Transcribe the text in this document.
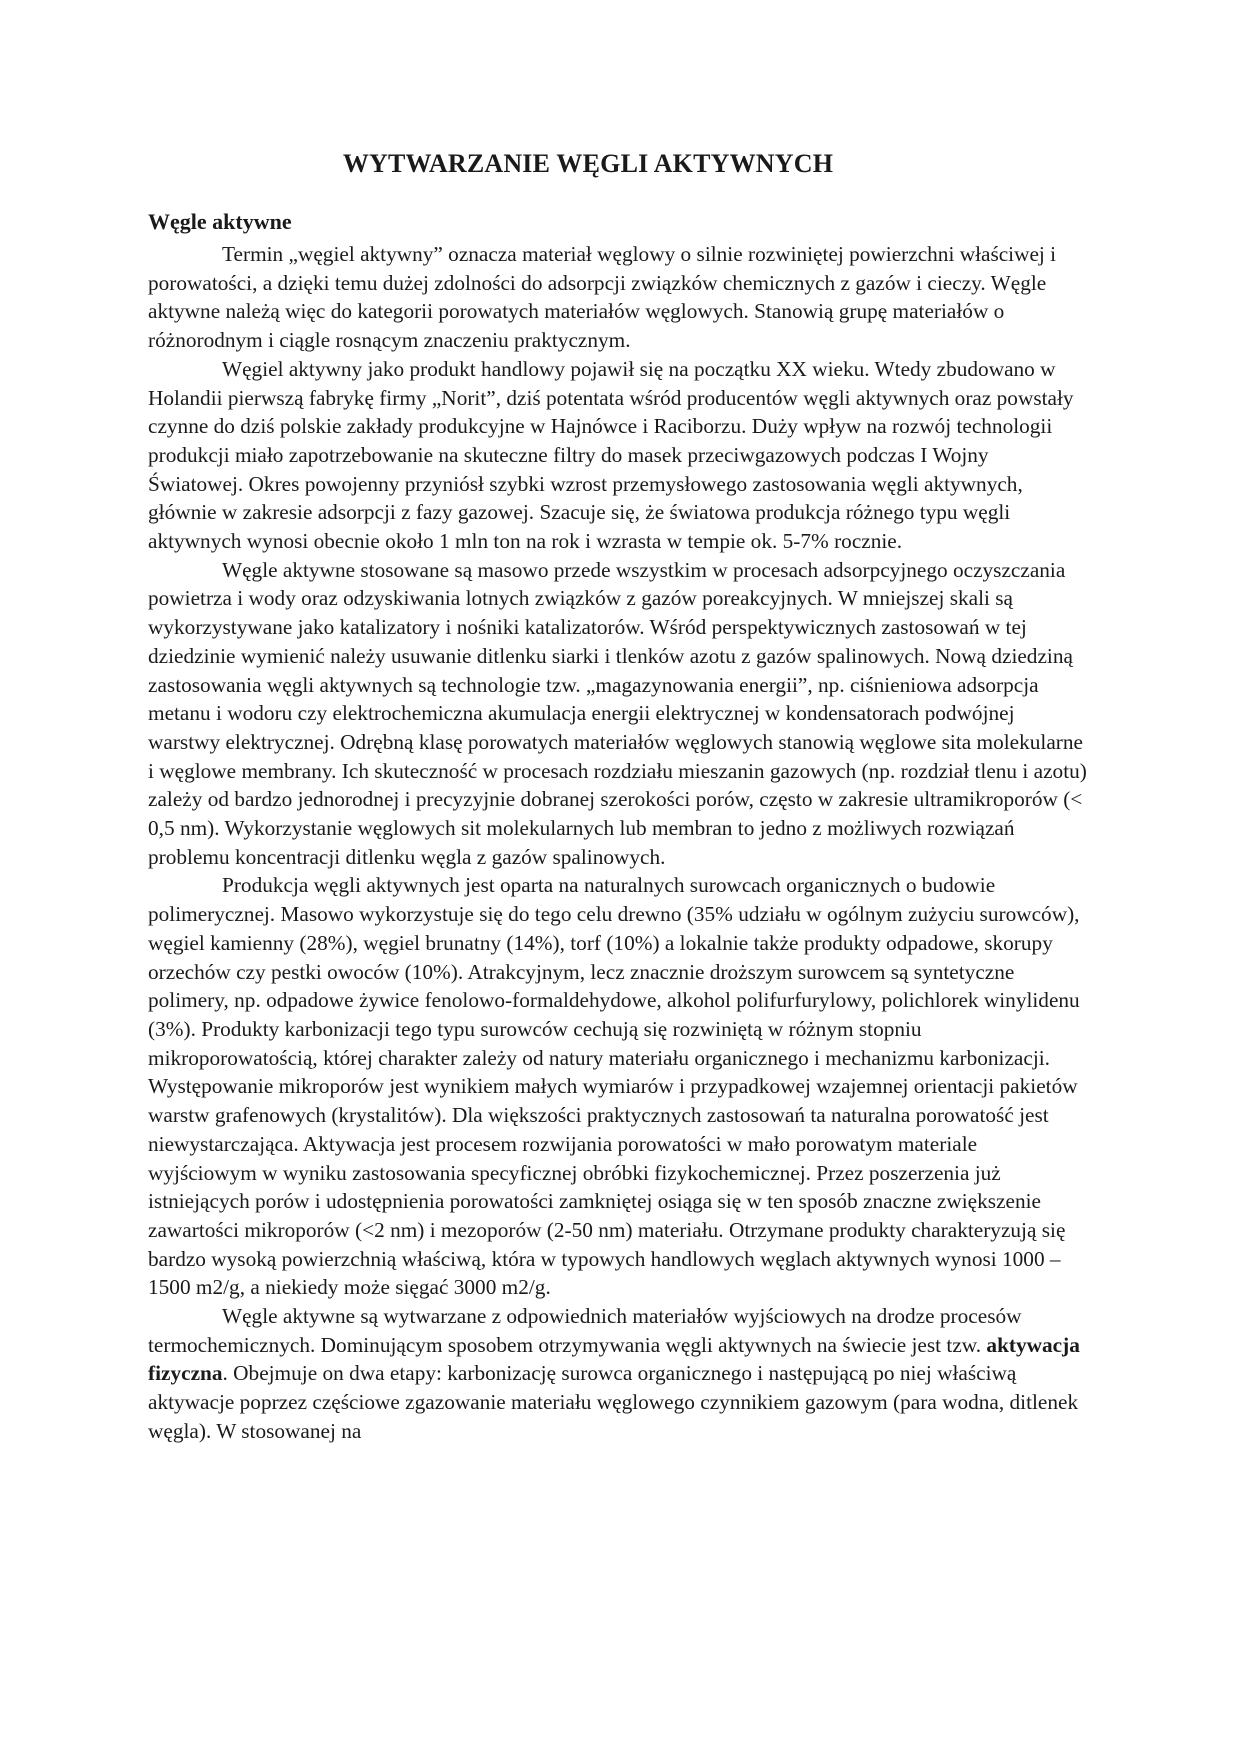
WYTWARZANIE WĘGLI AKTYWNYCH
Węgle aktywne

Termin „węgiel aktywny” oznacza materiał węglowy o silnie rozwiniętej powierzchni właściwej i porowatości, a dzięki temu dużej zdolności do adsorpcji związków chemicznych z gazów i cieczy. Węgle aktywne należą więc do kategorii porowatych materiałów węglowych. Stanowią grupę materiałów o różnorodnym i ciągle rosnącym znaczeniu praktycznym.

Węgiel aktywny jako produkt handlowy pojawił się na początku XX wieku. Wtedy zbudowano w Holandii pierwszą fabrykę firmy „Norit”, dziś potentata wśród producentów węgli aktywnych oraz powstały czynne do dziś polskie zakłady produkcyjne w Hajnówce i Raciborzu. Duży wpływ na rozwój technologii produkcji miało zapotrzebowanie na skuteczne filtry do masek przeciwgazowych podczas I Wojny Światowej. Okres powojenny przyniósł szybki wzrost przemysłowego zastosowania węgli aktywnych, głównie w zakresie adsorpcji z fazy gazowej. Szacuje się, że światowa produkcja różnego typu węgli aktywnych wynosi obecnie około 1 mln ton na rok i wzrasta w tempie ok. 5-7% rocznie.

Węgle aktywne stosowane są masowo przede wszystkim w procesach adsorpcyjnego oczyszczania powietrza i wody oraz odzyskiwania lotnych związków z gazów poreakcyjnych. W mniejszej skali są wykorzystywane jako katalizatory i nośniki katalizatorów. Wśród perspektywicznych zastosowań w tej dziedzinie wymienić należy usuwanie ditlenku siarki i tlenków azotu z gazów spalinowych. Nową dziedziną zastosowania węgli aktywnych są technologie tzw. „magazynowania energii”, np. ciśnieniowa adsorpcja metanu i wodoru czy elektrochemiczna akumulacja energii elektrycznej w kondensatorach podwójnej warstwy elektrycznej. Odrębną klasę porowatych materiałów węglowych stanowią węglowe sita molekularne i węglowe membrany. Ich skuteczność w procesach rozdziału mieszanin gazowych (np. rozdział tlenu i azotu) zależy od bardzo jednorodnej i precyzyjnie dobranej szerokości porów, często w zakresie ultramikroporów (< 0,5 nm). Wykorzystanie węglowych sit molekularnych lub membran to jedno z możliwych rozwiązań problemu koncentracji ditlenku węgla z gazów spalinowych.

Produkcja węgli aktywnych jest oparta na naturalnych surowcach organicznych o budowie polimerycznej. Masowo wykorzystuje się do tego celu drewno (35% udziału w ogólnym zużyciu surowców), węgiel kamienny (28%), węgiel brunatny (14%), torf (10%) a lokalnie także produkty odpadowe, skorupy orzechów czy pestki owoców (10%). Atrakcyjnym, lecz znacznie droższym surowcem są syntetyczne polimery, np. odpadowe żywice fenolowo-formaldehydowe, alkohol polifurfurylowy, polichlorek winylidenu (3%). Produkty karbonizacji tego typu surowców cechują się rozwiniętą w różnym stopniu mikroporowatością, której charakter zależy od natury materiału organicznego i mechanizmu karbonizacji. Występowanie mikroporów jest wynikiem małych wymiarów i przypadkowej wzajemnej orientacji pakietów warstw grafenowych (krystalitów). Dla większości praktycznych zastosowań ta naturalna porowatość jest niewystarczająca. Aktywacja jest procesem rozwijania porowatości w mało porowatym materiale wyjściowym w wyniku zastosowania specyficznej obróbki fizykochemicznej. Przez poszerzenia już istniejących porów i udostępnienia porowatości zamkniętej osiąga się w ten sposób znaczne zwiększenie zawartości mikroporów (<2 nm) i mezoporów (2-50 nm) materiału. Otrzymane produkty charakteryzują się bardzo wysoką powierzchnią właściwą, która w typowych handlowych węglach aktywnych wynosi 1000 –1500 m2/g, a niekiedy może sięgać 3000 m2/g.

Węgle aktywne są wytwarzane z odpowiednich materiałów wyjściowych na drodze procesów termochemicznych. Dominującym sposobem otrzymywania węgli aktywnych na świecie jest tzw. aktywacja fizyczna. Obejmuje on dwa etapy: karbonizację surowca organicznego i następującą po niej właściwą aktywacje poprzez częściowe zgazowanie materiału węglowego czynnikiem gazowym (para wodna, ditlenek węgla). W stosowanej na
